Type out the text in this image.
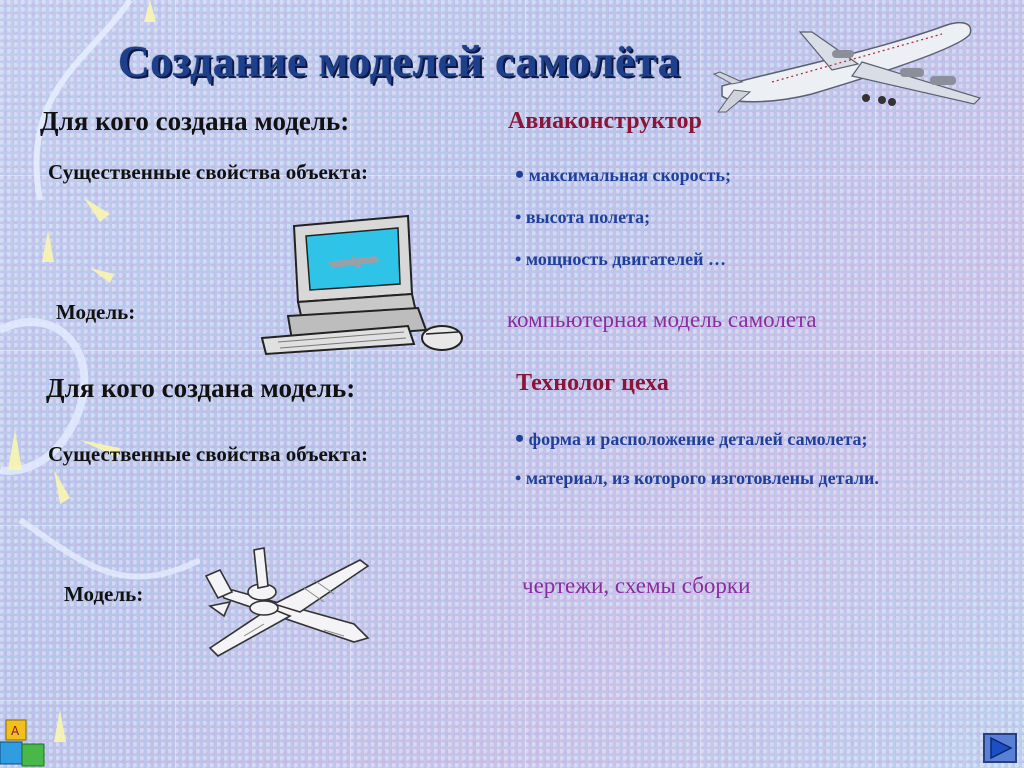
Создание моделей самолёта
Для кого создана модель:	Авиаконструктор
Существенные свойства объекта:	• максимальная скорость;
• высота полета;
• мощность двигателей …
Модель:	компьютерная модель самолета
Для кого создана модель:	Технолог цеха
Существенные свойства объекта:
• форма и расположение деталей самолета;
• материал, из которого изготовлены детали.
Модель:	чертежи, схемы сборки
A
